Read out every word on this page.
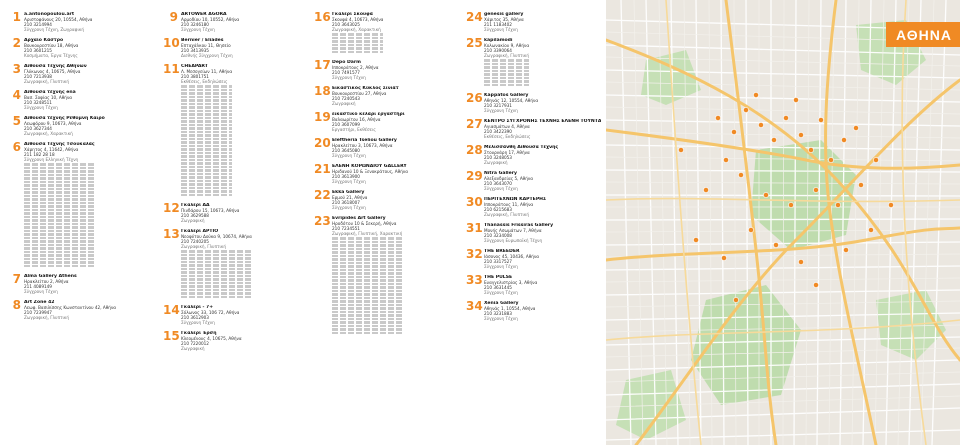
1 a.antonopoulou.art
Αριστοφάνους 20, 10554, Αθήνα
210 3214994
Σύγχρονη Τέχνη, Ζωγραφική
2 Αρχαίο Κάστρο
Βουκουρεστίου 18, Αθήνα
210 3601215
Κοσμήματα, Έργα Τέχνης
3 Αίθουσα Τέχνης Αθηνών
Γλύκωνος 4, 10675, Αθήνα
210 7213938
Ζωγραφική, Γλυπτική
4 Αίθουσα τέχνης ena
Βασ. Σοφίας 10, Αθήνα
210 3248511
Σύγχρονη Τέχνη
5 Αίθουσα τέχνης Ρεθύμνη Καιρό
Λεωφόρου 9, 10673, Αθήνα
210 3627344
Ζωγραφική, Χαρακτική
6 Αίθουσα Τέχνης Τσουκαλάς
Χάρητος 4, 11642, Αθήνα
211 182 28 18
Σύγχρονη Ελληνική Τέχνη
7 Alma Gallery Athens
Ηρακλείτου 2, Αθήνα
211 4089149
Σύγχρονη Τέχνη
8 Art Zone 42
Λεωφ. Βασιλίσσης Κωνσταντίνου 42, Αθήνα
210 7239947
Ζωγραφική, Γλυπτική
9 ARTOWER AGORA
Αρμοδίου 10, 10552, Αθήνα
210 3246180
Σύγχρονη Τέχνη
10 Bernier / Eliades
Επταχάλκου 11, Θησείο
210 3413935
Διεθνής Σύγχρονη Τέχνη
11 CHEAPART
Λ. Μεσογείων 11, Αθήνα
210 3801751
Εκθέσεις, Εκδηλώσεις
12 Γκαλερί ΑΔ
Πινδάρου 15, 10673, Αθήνα
210 3629588
Ζωγραφική
13 Γκαλερί ΑΡΤΙΟ
Νεοφύτου Δούκα 9, 10674, Αθήνα
210 7240205
Ζωγραφική, Γλυπτική
14 Γκαλερί - 7+
Σόλωνος 33, 106 72, Αθήνα
210 3612903
Σύγχρονη Τέχνη
15 Γκαλερί Έρση
Κλεομένους 4, 10675, Αθήνα
210 7220012
Ζωγραφική
16 Γκαλερί Σκουφά
Σκουφά 4, 10673, Αθήνα
210 3643025
Ζωγραφική, Χαρακτική
17 Depo Darm
Ιπποκράτους 2, Αθήνα
210 7491577
Σύγχρονη Τέχνη
18 Εικαστικός Κύκλος Σινιάτ
Βουκουρεστίου 27, Αθήνα
210 7240543
Ζωγραφική
19 εικαστικό κελάρι εργαστήρι
Βαλαωρίτου 16, Αθήνα
210 3607099
Εργαστήρι, Εκθέσεις
20 Eleftheria Tseliou Gallery
Ηρακλείτου 3, 10673, Αθήνα
210 3645080
Σύγχρονη Τέχνη
21 ΕΛΕΝΗ ΚΟΡΩΝΑΙΟΥ GALLERY
Ηριδανού 10 & Ξενοκράτους, Αθήνα
210 3613900
Σύγχρονη Τέχνη
22 Ekka Gallery
Ερμού 21, Αθήνα
210 3618007
Σύγχρονη Τέχνη
23 Evripides Art Gallery
Ηροδότου 10 & Σεκερή, Αθήνα
210 7234551
Ζωγραφική, Γλυπτική, Χαρακτική
24 genesis gallery
Χάριτος 35, Αθήνα
211 1183402
Σύγχρονη Τέχνη
25 kapilamodi
Κολωνακίου 9, Αθήνα
210 3390064
Ζωγραφική, Γλυπτική
26 Kappatos Gallery
Αθηνάς 12, 10554, Αθήνα
210 3217931
Σύγχρονη Τέχνη
27 ΚΕΝΤΡΟ ΣΥΓΧΡΟΝΗΣ ΤΕΧΝΗΣ ΕΛΕΝΗ ΤΟΥΝΤΑ
Αγιασμάτων 4, Αθήνα
210 3422390
Εκθέσεις, Εκδηλώσεις
28 Μελισσάνθη Αίθουσα Τέχνης
Στουρνάρη 17, Αθήνα
210 3248053
Ζωγραφική
29 Nitra Gallery
Αλεξανδρείας 5, Αθήνα
210 3643070
Σύγχρονη Τέχνη
30 ΠΕΡΙΤΕΧΝΩΝ ΚΑΡΤΕΡΗΣ
Ιπποκράτους 11, Αθήνα
210 6215683
Ζωγραφική, Γλυπτική
31 Thanassis Frissiras Gallery
Μονής Ασωμάτων 7, Αθήνα
210 3234008
Σύγχρονη Ευρωπαϊκή Τέχνη
32 THE BREEDER
Ιάσονος 45, 10436, Αθήνα
210 3317527
Σύγχρονη Τέχνη
33 THE PULSE
Ευαγγελιστρίας 3, Αθήνα
210 3631445
Σύγχρονη Τέχνη
34 Xenia Gallery
Αθηνάς 1, 10554, Αθήνα
210 3231883
Σύγχρονη Τέχνη
ΑΘΗΝΑ
